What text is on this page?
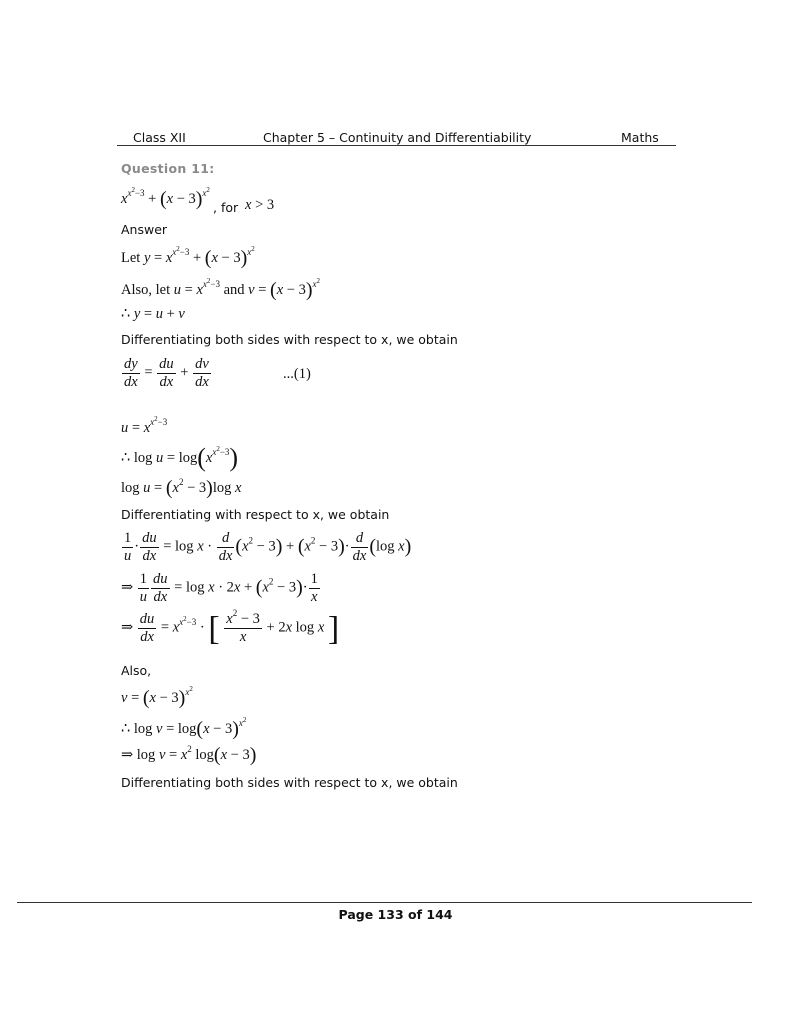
Class XII	Chapter 5 – Continuity and Differentiability	Maths
Question 11:
$x^{x^2-3} + (x - 3)^{x^2}$
, for x > 3
Answer
Let $y = x^{x^2-3} + (x - 3)^{x^2}$
Also, let $u = x^{x^2-3}$ and $v = (x - 3)^{x^2}$
∴ y = u + v
Differentiating both sides with respect to x, we obtain
$\frac{dy}{dx} = \frac{du}{dx} + \frac{dv}{dx}$	...(1)
$u = x^{x^2-3}$
∴ $\log u = \log(x^{x^2-3})$
$\log u = (x^2 - 3)\log$ x
Differentiating with respect to x, we obtain
$\frac{1}{u} \cdot \frac{du}{dx} = \log x \cdot \frac{d}{dx} (x^2 - 3) + (x^2 - 3)\cdot \frac{d}{dx} (\log$ x)
⇒ $\frac{1}{u} \frac{du}{dx} = \log x \cdot 2x + (x^2 - 3)\cdot \frac{1}{x}$
⇒ $\frac{du}{dx} = x^{x^2-3}$ · [ $\frac{x^2 - 3}{x} + 2x$ log x ]
Also,
$v = (x - 3)^{x^2}$
∴ $\log v = \log(x - 3)^{x^2}$
⇒ $\log v = x^2$ log(x − 3)
Differentiating both sides with respect to x, we obtain
Page 133 of 144
